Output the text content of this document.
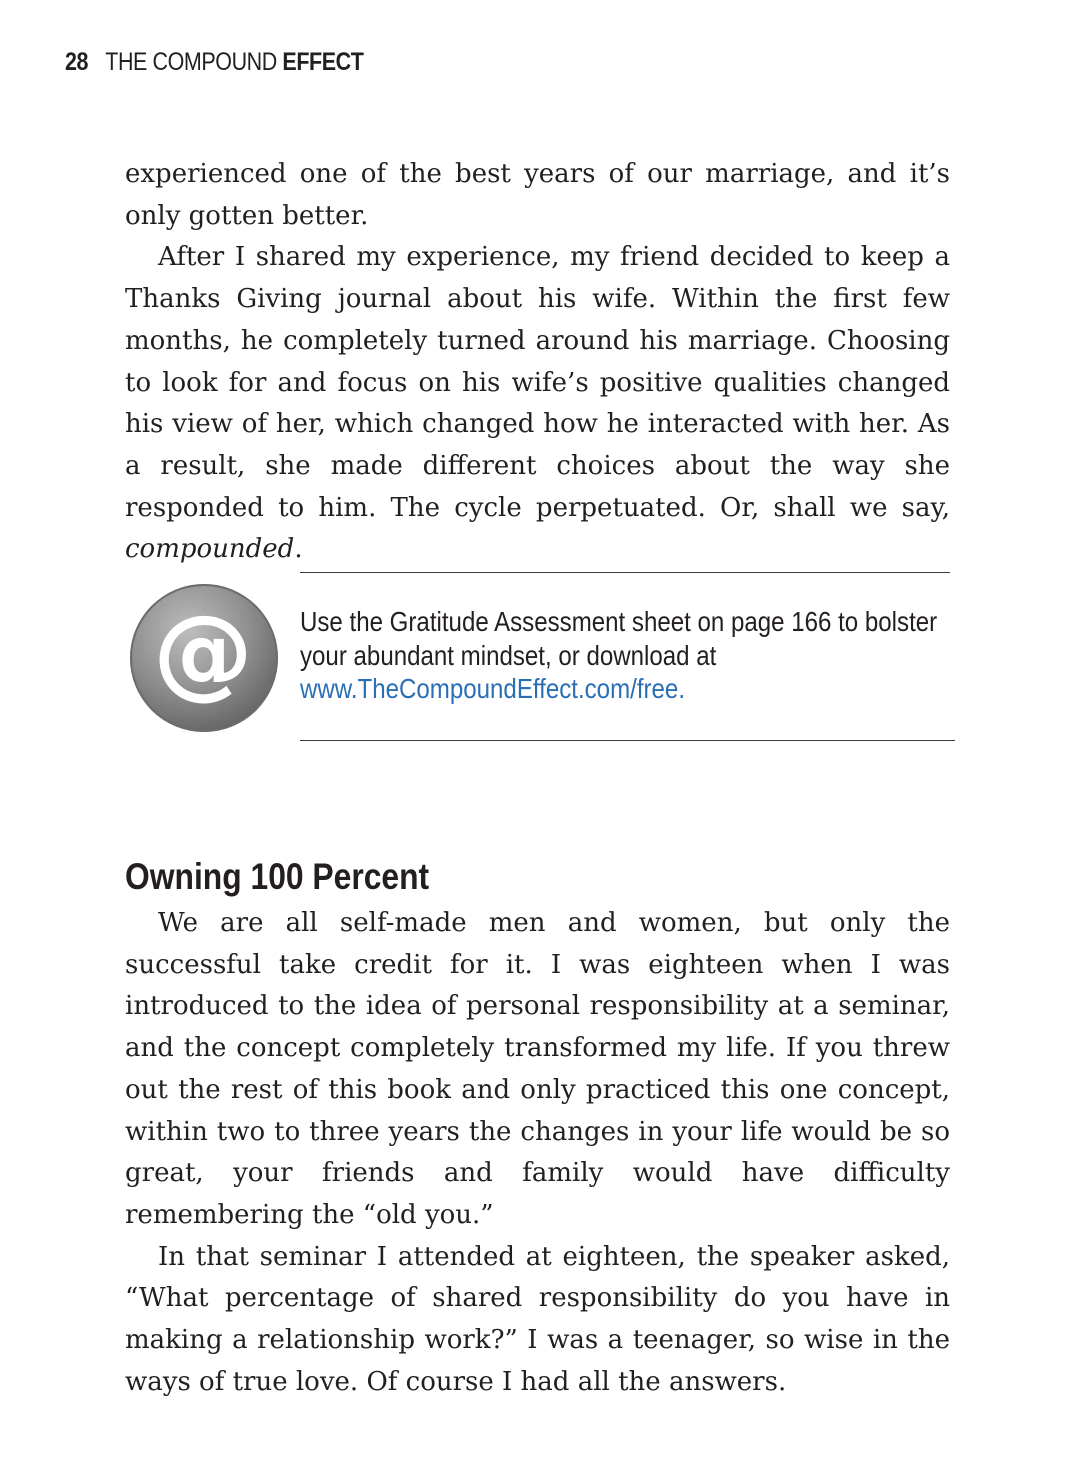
28 THE COMPOUND EFFECT

experienced one of the best years of our marriage, and it’s only gotten better.

After I shared my experience, my friend decided to keep a Thanks Giving journal about his wife. Within the first few months, he completely turned around his marriage. Choosing to look for and focus on his wife’s positive qualities changed his view of her, which changed how he interacted with her. As a result, she made different choices about the way she responded to him. The cycle perpetuated. Or, shall we say, compounded.

@ Use the Gratitude Assessment sheet on page 166 to bolster your abundant mindset, or download at
www.TheCompoundEffect.com/free.
Owning 100 Percent

We are all self-made men and women, but only the successful take credit for it. I was eighteen when I was introduced to the idea of personal responsibility at a seminar, and the concept completely transformed my life. If you threw out the rest of this book and only practiced this one concept, within two to three years the changes in your life would be so great, your friends and family would have difficulty remembering the “old you.”

In that seminar I attended at eighteen, the speaker asked, “What percentage of shared responsibility do you have in making a relationship work?” I was a teenager, so wise in the ways of true love. Of course I had all the answers.
